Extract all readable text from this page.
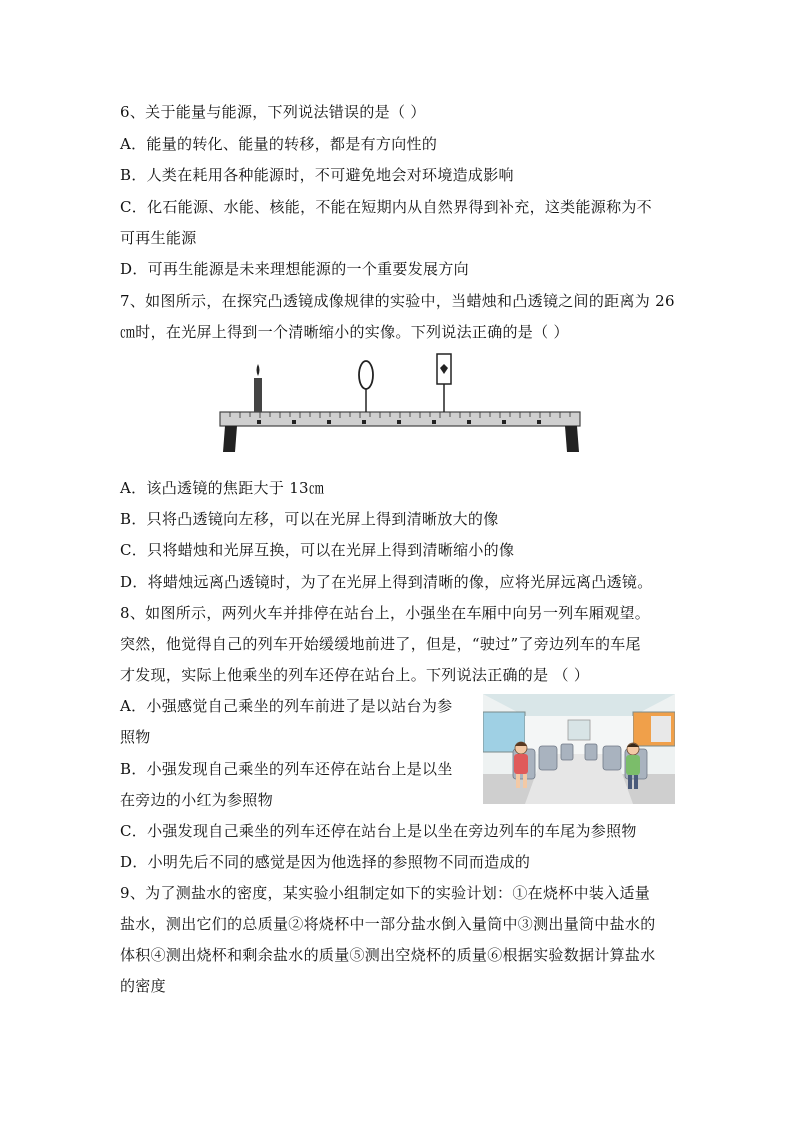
6、关于能量与能源，下列说法错误的是（ ）
A．能量的转化、能量的转移，都是有方向性的
B．人类在耗用各种能源时，不可避免地会对环境造成影响
C．化石能源、水能、核能，不能在短期内从自然界得到补充，这类能源称为不
可再生能源
D．可再生能源是未来理想能源的一个重要发展方向
7、如图所示，在探究凸透镜成像规律的实验中，当蜡烛和凸透镜之间的距离为 26
㎝时，在光屏上得到一个清晰缩小的实像。下列说法正确的是（ ）
A．该凸透镜的焦距大于 13㎝
B．只将凸透镜向左移，可以在光屏上得到清晰放大的像
C．只将蜡烛和光屏互换，可以在光屏上得到清晰缩小的像
D．将蜡烛远离凸透镜时，为了在光屏上得到清晰的像，应将光屏远离凸透镜。
8、如图所示，两列火车并排停在站台上，小强坐在车厢中向另一列车厢观望。
突然，他觉得自己的列车开始缓缓地前进了，但是，“驶过”了旁边列车的车尾
才发现，实际上他乘坐的列车还停在站台上。下列说法正确的是 （ ）
A．小强感觉自己乘坐的列车前进了是以站台为参
照物
B．小强发现自己乘坐的列车还停在站台上是以坐
在旁边的小红为参照物
C．小强发现自己乘坐的列车还停在站台上是以坐在旁边列车的车尾为参照物
D．小明先后不同的感觉是因为他选择的参照物不同而造成的
9、为了测盐水的密度，某实验小组制定如下的实验计划：①在烧杯中装入适量
盐水，测出它们的总质量②将烧杯中一部分盐水倒入量筒中③测出量筒中盐水的
体积④测出烧杯和剩余盐水的质量⑤测出空烧杯的质量⑥根据实验数据计算盐水
的密度
